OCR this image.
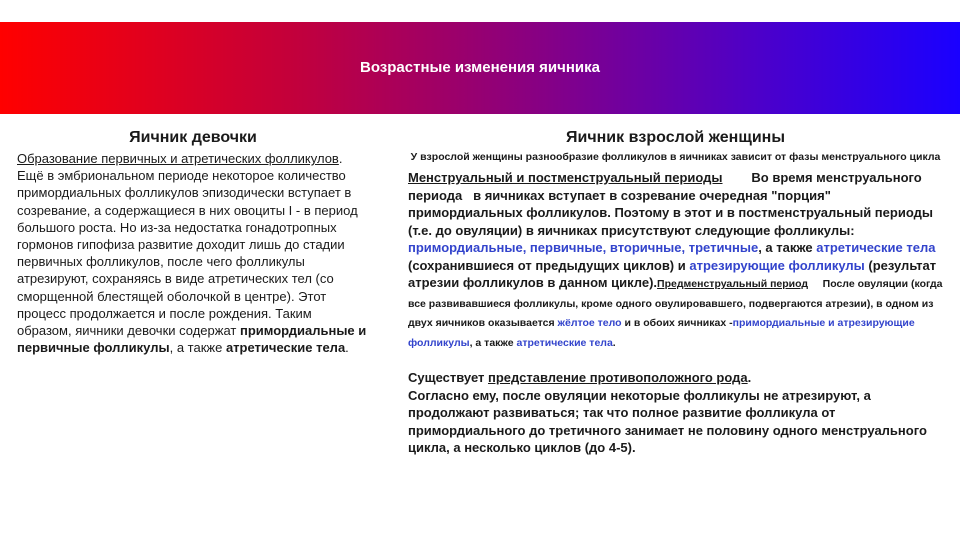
Возрастные изменения яичника
Яичник девочки

Образование первичных и атретических фолликулов.
Ещё в эмбриональном периоде некоторое количество примордиальных фолликулов эпизодически вступает в созревание, а содержащиеся в них овоциты I - в период большого роста. Но из-за недостатка гонадотропных гормонов гипофиза развитие доходит лишь до стадии первичных фолликулов, после чего фолликулы атрезируют, сохраняясь в виде атретических тел (со сморщенной блестящей оболочкой в центре). Этот процесс продолжается и после рождения. Таким образом, яичники девочки содержат примордиальные и первичные фолликулы, а также атретические тела.

Яичник взрослой женщины
У взрослой женщины разнообразие фолликулов в яичниках зависит от фазы менструального цикла

Менструальный и постменструальный периоды        Во время менструального периода   в яичниках вступает в созревание очередная "порция" примордиальных фолликулов. Поэтому в этот и в постменструальный периоды (т.е. до овуляции) в яичниках присутствуют следующие фолликулы: примордиальные, первичные, вторичные, третичные, а также атретические тела (сохранившиеся от предыдущих циклов) и атрезирующие фолликулы (результат атрезии фолликулов в данном цикле).Предменструальный период     После овуляции (когда все развивавшиеся фолликулы, кроме одного овулировавшего, подвергаются атрезии), в одном из двух яичников оказывается жёлтое тело и в обоих яичниках -примордиальные и атрезирующие фолликулы, а также атретические тела.

Существует представление противоположного рода.
Согласно ему, после овуляции некоторые фолликулы не атрезируют, а продолжают развиваться; так что полное развитие фолликула от примордиального до третичного занимает не половину одного менструального цикла, а несколько циклов (до 4-5).
